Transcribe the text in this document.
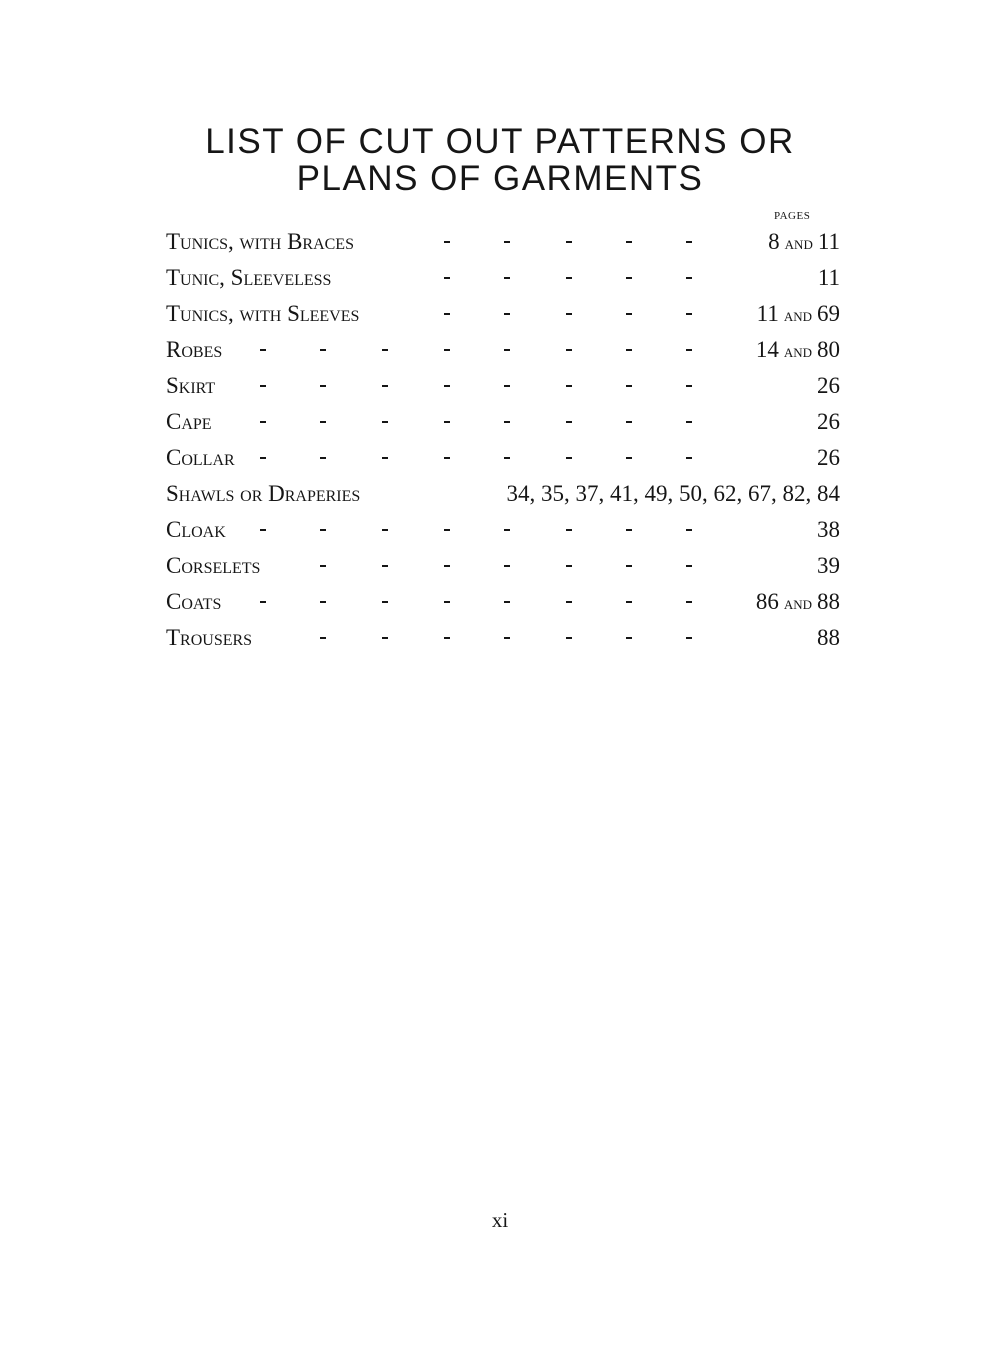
LIST OF CUT OUT PATTERNS OR
PLANS OF GARMENTS
PAGES
Tunics, with Braces	8 and 11
Tunic, Sleeveless	11
Tunics, with Sleeves	11 and 69
Robes	14 and 80
Skirt	26
Cape	26
Collar	26
Shawls or Draperies	34, 35, 37, 41, 49, 50, 62, 67, 82, 84
Cloak	38
Corselets	39
Coats	86 and 88
Trousers	88
xi
